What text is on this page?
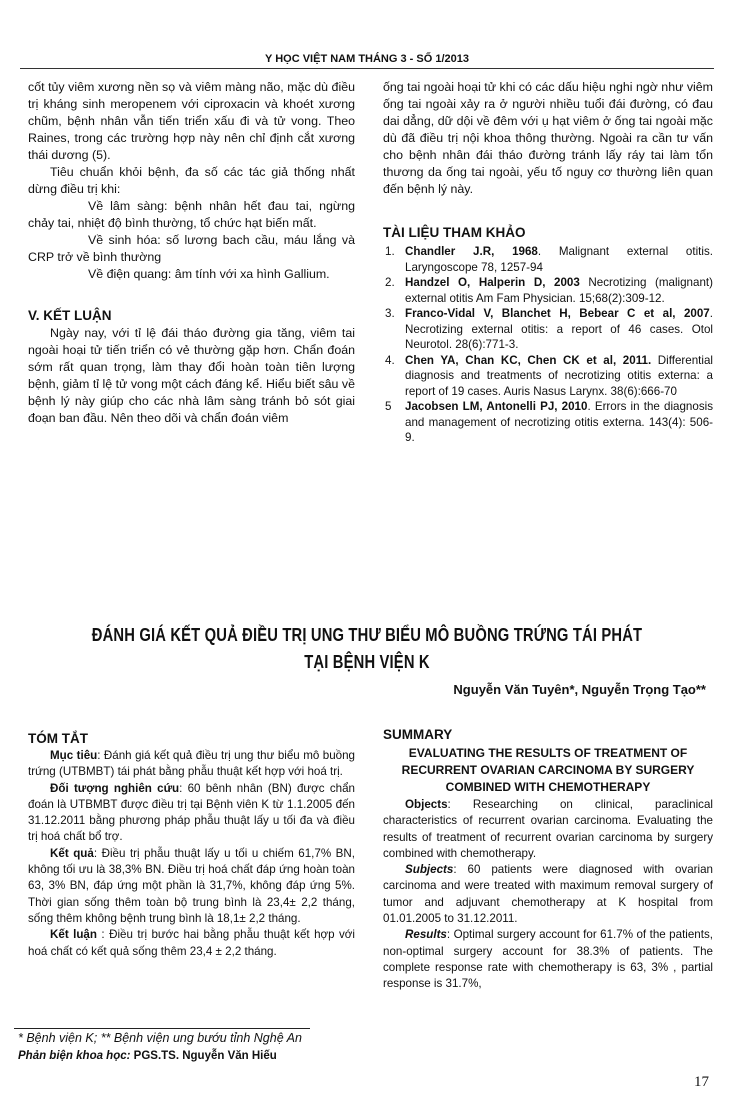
Y HỌC VIỆT NAM THÁNG 3 - SỐ 1/2013

cốt tủy viêm xương nền sọ và viêm màng não, mặc dù điều trị kháng sinh meropenem với ciproxacin và khoét xương chũm, bệnh nhân vẫn tiến triển xấu đi và tử vong. Theo Raines, trong các trường hợp này nên chỉ định cắt xương thái dương (5).

Tiêu chuẩn khỏi bệnh, đa số các tác giả thống nhất dừng điều trị khi:

Về lâm sàng: bệnh nhân hết đau tai, ngừng chảy tai, nhiệt độ bình thường, tổ chức hạt biến mất.

Về sinh hóa: số lương bach cầu, máu lắng và CRP trở về bình thường

Về điện quang: âm tính với xa hình Gallium.

V. KẾT LUẬN

Ngày nay, với tỉ lệ đái tháo đường gia tăng, viêm tai ngoài hoại tử tiến triển có vẻ thường gặp hơn. Chẩn đoán sớm rất quan trọng, làm thay đổi hoàn toàn tiên lượng bệnh, giảm tỉ lệ tử vong một cách đáng kể. Hiểu biết sâu về bệnh lý này giúp cho các nhà lâm sàng tránh bỏ sót giai đoạn ban đầu. Nên theo dõi và chẩn đoán viêm

ống tai ngoài hoại tử khi có các dấu hiệu nghi ngờ như viêm ống tai ngoài xảy ra ở người nhiều tuổi đái đường, có đau dai dẳng, dữ dội về đêm với ụ hạt viêm ở ống tai ngoài mặc dù đã điều trị nội khoa thông thường. Ngoài ra cần tư vấn cho bệnh nhân đái tháo đường tránh lấy ráy tai làm tổn thương da ống tai ngoài, yếu tố nguy cơ thường liên quan đến bệnh lý này.

TÀI LIỆU THAM KHẢO
1. Chandler J.R, 1968. Malignant external otitis. Laryngoscope 78, 1257-94
2. Handzel O, Halperin D, 2003 Necrotizing (malignant) external otitis Am Fam Physician. 15;68(2):309-12.
3. Franco-Vidal V, Blanchet H, Bebear C et al, 2007. Necrotizing external otitis: a report of 46 cases. Otol Neurotol. 28(6):771-3.
4. Chen YA, Chan KC, Chen CK et al, 2011. Differential diagnosis and treatments of necrotizing otitis externa: a report of 19 cases. Auris Nasus Larynx. 38(6):666-70
5 Jacobsen LM, Antonelli PJ, 2010. Errors in the diagnosis and management of necrotizing otitis externa. 143(4): 506-9.
ĐÁNH GIÁ KẾT QUẢ ĐIỀU TRỊ UNG THƯ BIỂU MÔ BUỒNG TRỨNG TÁI PHÁT
TẠI BỆNH VIỆN K
Nguyễn Văn Tuyên*, Nguyễn Trọng Tạo**
TÓM TẮT

Mục tiêu: Đánh giá kết quả điều trị ung thư biểu mô buồng trứng (UTBMBT) tái phát bằng phẫu thuật kết hợp với hoá trị.

Đối tượng nghiên cứu: 60 bênh nhân (BN) được chẩn đoán là UTBMBT được điều trị tại Bệnh viên K từ 1.1.2005 đến 31.12.2011 bằng phương pháp phẫu thuật lấy u tối đa và điều trị hoá chất bổ trợ.

Kết quả: Điều trị phẫu thuật lấy u tối u chiếm 61,7% BN, không tối ưu là 38,3% BN. Điều trị hoá chất đáp ứng hoàn toàn 63, 3% BN, đáp ứng một phần là 31,7%, không đáp ứng 5%. Thời gian sống thêm toàn bộ trung bình là 23,4± 2,2 tháng, sống thêm không bệnh trung bình là 18,1± 2,2 tháng.

Kết luận : Điều trị bước hai bằng phẫu thuật kết hợp với hoá chất có kết quả sống thêm 23,4 ± 2,2 tháng.

SUMMARY
EVALUATING THE RESULTS OF TREATMENT OF RECURRENT OVARIAN CARCINOMA BY SURGERY COMBINED WITH CHEMOTHERAPY

Objects: Researching on clinical, paraclinical characteristics of recurrent ovarian carcinoma. Evaluating the results of treatment of recurrent ovarian carcinoma by surgery combined with chemotherapy.

Subjects: 60 patients were diagnosed with ovarian carcinoma and were treated with maximum removal surgery of tumor and adjuvant chemotherapy at K hospital from 01.01.2005 to 31.12.2011.

Results: Optimal surgery account for 61.7% of the patients, non-optimal surgery account for 38.3% of patients. The complete response rate with chemotherapy is 63, 3% , partial response is 31.7%,

* Bệnh viện K; ** Bệnh viện ung bướu tỉnh Nghệ An
Phản biện khoa học: PGS.TS. Nguyễn Văn Hiếu
17
